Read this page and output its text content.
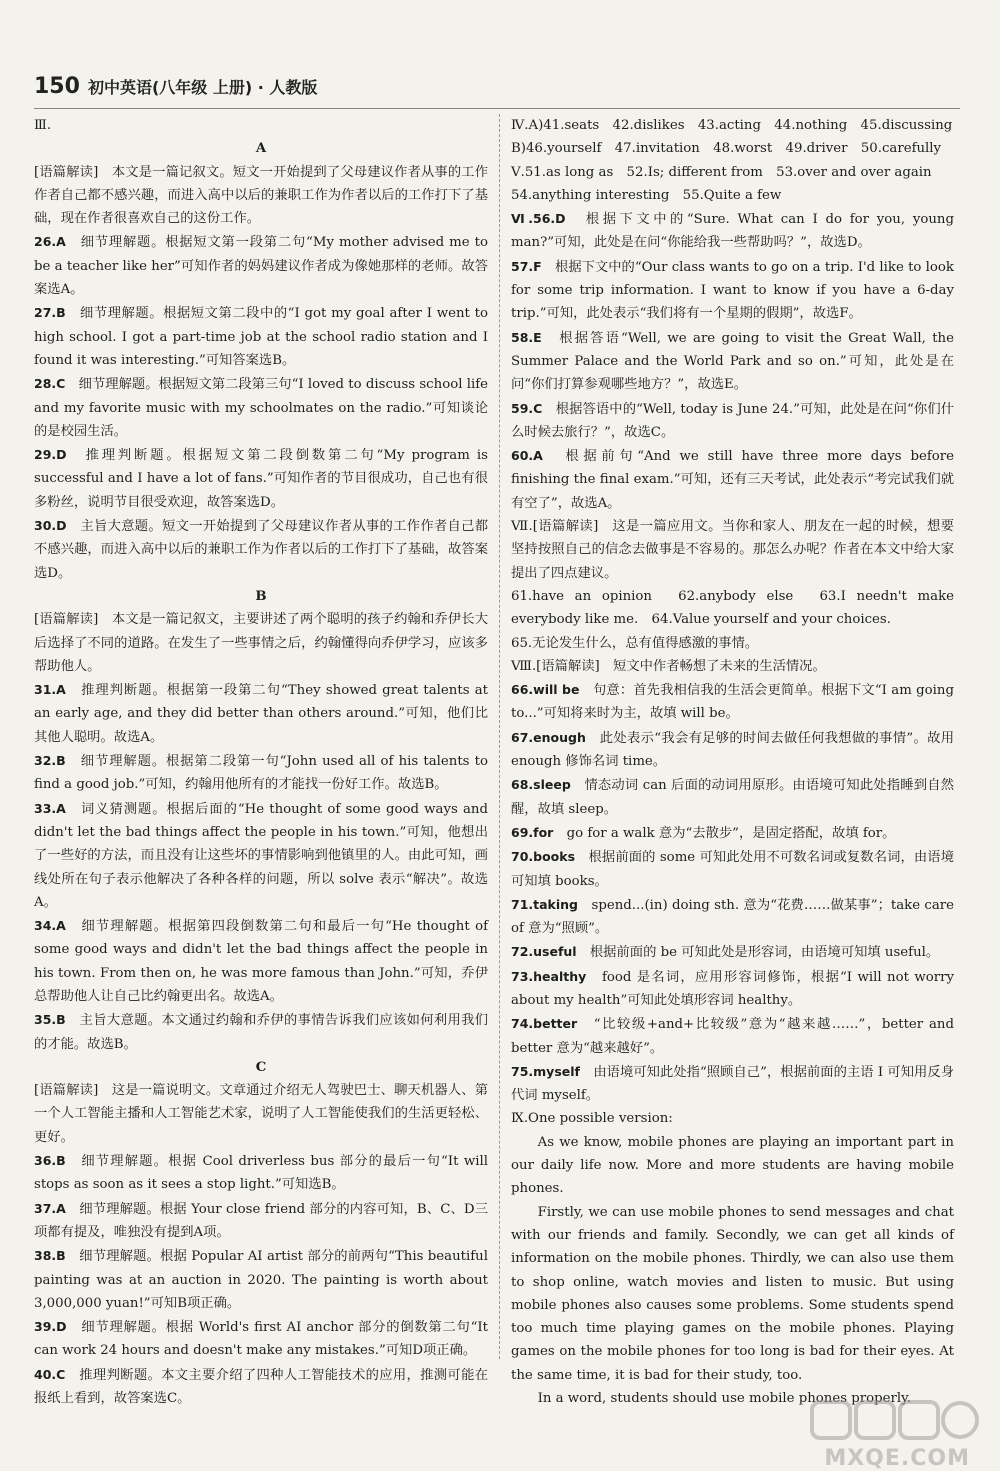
150 初中英语(八年级 上册) · 人教版

Ⅲ.

A

[语篇解读]　本文是一篇记叙文。短文一开始提到了父母建议作者从事的工作作者自己都不感兴趣，而进入高中以后的兼职工作为作者以后的工作打下了基础，现在作者很喜欢自己的这份工作。

26.A　细节理解题。根据短文第一段第二句“My mother advised me to be a teacher like her”可知作者的妈妈建议作者成为像她那样的老师。故答案选A。

27.B　细节理解题。根据短文第二段中的“I got my goal after I went to high school. I got a part-time job at the school radio station and I found it was interesting.”可知答案选B。

28.C　细节理解题。根据短文第二段第三句“I loved to discuss school life and my favorite music with my schoolmates on the radio.”可知谈论的是校园生活。

29.D　推理判断题。根据短文第二段倒数第二句“My program is successful and I have a lot of fans.”可知作者的节目很成功，自己也有很多粉丝，说明节目很受欢迎，故答案选D。

30.D　主旨大意题。短文一开始提到了父母建议作者从事的工作作者自己都不感兴趣，而进入高中以后的兼职工作为作者以后的工作打下了基础，故答案选D。

B

[语篇解读]　本文是一篇记叙文，主要讲述了两个聪明的孩子约翰和乔伊长大后选择了不同的道路。在发生了一些事情之后，约翰懂得向乔伊学习，应该多帮助他人。

31.A　推理判断题。根据第一段第二句“They showed great talents at an early age, and they did better than others around.”可知，他们比其他人聪明。故选A。

32.B　细节理解题。根据第二段第一句“John used all of his talents to find a good job.”可知，约翰用他所有的才能找一份好工作。故选B。

33.A　词义猜测题。根据后面的“He thought of some good ways and didn't let the bad things affect the people in his town.”可知，他想出了一些好的方法，而且没有让这些坏的事情影响到他镇里的人。由此可知，画线处所在句子表示他解决了各种各样的问题，所以 solve 表示“解决”。故选A。

34.A　细节理解题。根据第四段倒数第二句和最后一句“He thought of some good ways and didn't let the bad things affect the people in his town. From then on, he was more famous than John.”可知，乔伊总帮助他人让自己比约翰更出名。故选A。

35.B　主旨大意题。本文通过约翰和乔伊的事情告诉我们应该如何利用我们的才能。故选B。

C

[语篇解读]　这是一篇说明文。文章通过介绍无人驾驶巴士、聊天机器人、第一个人工智能主播和人工智能艺术家，说明了人工智能使我们的生活更轻松、更好。

36.B　细节理解题。根据 Cool driverless bus 部分的最后一句“It will stops as soon as it sees a stop light.”可知选B。

37.A　细节理解题。根据 Your close friend 部分的内容可知，B、C、D三项都有提及，唯独没有提到A项。

38.B　细节理解题。根据 Popular AI artist 部分的前两句“This beautiful painting was at an auction in 2020. The painting is worth about 3,000,000 yuan!”可知B项正确。

39.D　细节理解题。根据 World's first AI anchor 部分的倒数第二句“It can work 24 hours and doesn't make any mistakes.”可知D项正确。

40.C　推理判断题。本文主要介绍了四种人工智能技术的应用，推测可能在报纸上看到，故答案选C。

Ⅳ.A)41.seats　42.dislikes　43.acting　44.nothing　45.discussing

B)46.yourself　47.invitation　48.worst　49.driver　50.carefully

Ⅴ.51.as long as　52.Is; different from　53.over and over again

54.anything interesting　55.Quite a few

Ⅵ.56.D　根据下文中的“Sure. What can I do for you, young man?”可知，此处是在问“你能给我一些帮助吗？”，故选D。

57.F　根据下文中的“Our class wants to go on a trip. I'd like to look for some trip information. I want to know if you have a 6-day trip.”可知，此处表示“我们将有一个星期的假期”，故选F。

58.E　根据答语“Well, we are going to visit the Great Wall, the Summer Palace and the World Park and so on.”可知，此处是在问“你们打算参观哪些地方？”，故选E。

59.C　根据答语中的“Well, today is June 24.”可知，此处是在问“你们什么时候去旅行？”，故选C。

60.A　根据前句“And we still have three more days before finishing the final exam.”可知，还有三天考试，此处表示“考完试我们就有空了”，故选A。

Ⅶ.[语篇解读]　这是一篇应用文。当你和家人、朋友在一起的时候，想要坚持按照自己的信念去做事是不容易的。那怎么办呢？作者在本文中给大家提出了四点建议。

61.have an opinion　62.anybody else　63.I needn't make everybody like me.　64.Value yourself and your choices.

65.无论发生什么，总有值得感激的事情。

Ⅷ.[语篇解读]　短文中作者畅想了未来的生活情况。

66.will be　句意：首先我相信我的生活会更简单。根据下文“I am going to...”可知将来时为主，故填 will be。

67.enough　此处表示“我会有足够的时间去做任何我想做的事情”。故用 enough 修饰名词 time。

68.sleep　情态动词 can 后面的动词用原形。由语境可知此处指睡到自然醒，故填 sleep。

69.for　go for a walk 意为“去散步”，是固定搭配，故填 for。

70.books　根据前面的 some 可知此处用不可数名词或复数名词，由语境可知填 books。

71.taking　spend...(in) doing sth. 意为“花费……做某事”；take care of 意为“照顾”。

72.useful　根据前面的 be 可知此处是形容词，由语境可知填 useful。

73.healthy　food 是名词，应用形容词修饰，根据“I will not worry about my health”可知此处填形容词 healthy。

74.better　“比较级+and+比较级”意为“越来越……”，better and better 意为“越来越好”。

75.myself　由语境可知此处指“照顾自己”，根据前面的主语 I 可知用反身代词 myself。

Ⅸ.One possible version:

As we know, mobile phones are playing an important part in our daily life now. More and more students are having mobile phones.

Firstly, we can use mobile phones to send messages and chat with our friends and family. Secondly, we can get all kinds of information on the mobile phones. Thirdly, we can also use them to shop online, watch movies and listen to music. But using mobile phones also causes some problems. Some students spend too much time playing games on the mobile phones. Playing games on the mobile phones for too long is bad for their eyes. At the same time, it is bad for their study, too.

In a word, students should use mobile phones properly.

MXQE.COM
